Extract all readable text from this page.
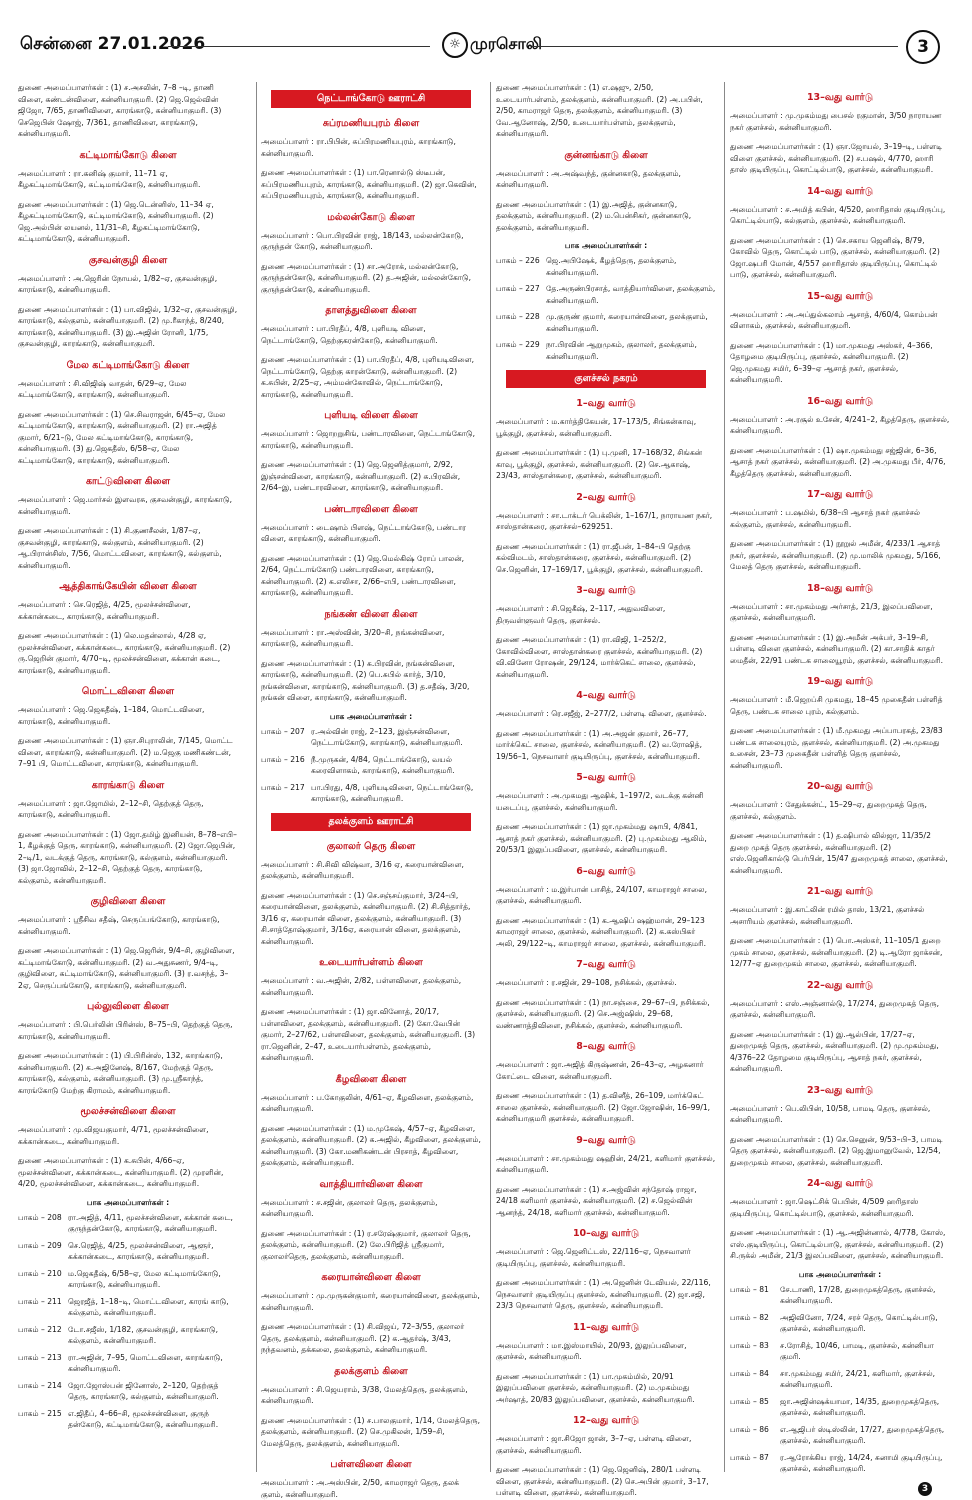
சென்னை 27.01.2026	☼ முரசொலி	3
துணை அமைப்பாளர்கள் : (1) ச.அசலின், 7–8 –டி, தாணி விளை, கண்டன்விளை, கன்னியாகுமரி. (2) ஜெ.ஜெல்வின் ஜிஜோ, 7/65, தாணிவிளை, காரங்காடு, கன்னியாகுமரி. (3) செஜெபின் ஷோஜ், 7/361, தாணிவிளை, காரங்காடு, கன்னியாகுமரி.
கட்டிமாங்கோடு கிளை
அமைப்பாளர் : ரா.கனிஷ் குமார், 11–71 ஏ, கீழகட்டிமாங்கோடு, கட்டிமாங்கோடு, கன்னியாகுமரி.
துணை அமைப்பாளர்கள் : (1) ஜெ.டென்னிஸ், 11–34 ஏ, கீழகட்டிமாங்கோடு, கட்டிமாங்கோடு, கன்னியாகுமரி. (2) ஜெ.அல்பின் லயனல், 11/31–சி, கீழகட்டிமாங்கோடு, கட்டிமாங்கோடு, கன்னியாகுமரி.
குசவன்குழி கிளை
அமைப்பாளர் : அ.ஜெரின் நோயல், 1/82–ஏ, குசவன்குழி, காரங்காடு, கன்னியாகுமரி.
துணை அமைப்பாளர்கள் : (1) பா.விஜில், 1/32–ஏ, குசவன்குழி, காரங்காடு, கல்குளம், கன்னியாகுமரி. (2) மு.ரீகாந்த், 8/240, காரங்காடு, கன்னியாகுமரி. (3) இ.அஜின் ரோனி, 1/75, குசவன்குழி, காரங்காடு, கன்னியாகுமரி.
மேல கட்டிமாங்கோடு கிளை
அமைப்பாளர் : சி.விஜிஷ் வாதன், 6/29–ஏ, மேல கட்டிமாங்கோடு, காரங்காடு, கன்னியாகுமரி.
துணை அமைப்பாளர்கள் : (1) செ.சிவராஜன், 6/45–ஏ, மேல கட்டிமாங்கோடு, காரங்காடு, கன்னியாகுமரி. (2) ரா.அஜித் குமார், 6/21–டு, மேல கட்டிமாங்கோடு, காரங்காடு, கன்னியாகுமரி. (3) து.ஜெகதீஸ், 6/58–ஏ, மேல கட்டிமாங்கோடு, காரங்காடு, கன்னியாகுமரி.
காட்டுவிளை கிளை
அமைப்பாளர் : ஜெ.மார்சல் இளவரசு, குசவன்குழி, காரங்காடு, கன்னியாகுமரி.
துணை அமைப்பாளர்கள் : (1) சி.குணசீலன், 1/87–ஏ, குசவன்குழி, காரங்காடு, கல்குளம், கன்னியாகுமரி. (2) ஆ.பிரான்சிஸ், 7/56, மொட்டவிளை, காரங்காடு, கல்குளம், கன்னியாகுமரி.
ஆத்திகாங்கேயின் விளை கிளை
அமைப்பாளர் : செ.ரெஜித், 4/25, மூலச்சன்விளை, கக்கான்கடை, காரங்காடு, கன்னியாகுமரி.
துணை அமைப்பாளர்கள் : (1) லெ.மதன்லால், 4/28 ஏ, மூலச்சன்விளை, கக்கான்கடை, காரங்காடு, கன்னியாகுமரி. (2) ரு.ஜெறின் குமார், 4/70–டி, மூலச்சன்விளை, கக்கான் கடை, காரங்காடு, கன்னியாகுமரி.
மொட்டவிளை கிளை
அமைப்பாளர் : ஜெ.ஜெகதீஷ், 1–184, மொட்டவிளை, காரங்காடு, கன்னியாகுமரி.
துணை அமைப்பாளர்கள் : (1) ஞா.சிபுராலின், 7/145, மொட்ட விளை, காரங்காடு, கன்னியாகுமரி. (2) ம.ஜெகு மணிகண்டன், 7–91 பி, மொட்டவிளை, காரங்காடு, கன்னியாகுமரி.
காரங்காடு கிளை
அமைப்பாளர் : ஜா.ஜோமில், 2–12–சி, தெற்குத் தெரு, காரங்காடு, கன்னியாகுமரி.
துணை அமைப்பாளர்கள் : (1) ஜோ.தமிழ் இனியன், 8–78–எபி–1, கீழக்குத் தெரு, காரங்காடு, கன்னியாகுமரி. (2) ஜோ.ஜெபின், 2–டி/1, வடக்குத் தெரு, காரங்காடு, கல்குளம், கன்னியாகுமரி. (3) ஜா.ஜோவில், 2–12–சி, தெற்குத் தெரு, காரங்காடு, கல்குளம், கன்னியாகுமரி.
குழிவிளை கிளை
அமைப்பாளர் : ஸ்ரீசிவ சதீஷ், செருப்பங்கோடு, காரங்காடு, கன்னியாகுமரி.
துணை அமைப்பாளர்கள் : (1) ஜெ.ஜெரின், 9/4–சி, குழிவிளை, கட்டிமாங்கோடு, கன்னியாகுமரி. (2) வ.அதுசுணர், 9/4–டி, குழிவிளை, கட்டிமாங்கோடு, கன்னியாகுமரி. (3) ர.வசந்த், 3–2ஏ, செருப்பங்கோடு, காரங்காடு, கன்னியாகுமரி.
புல்லுவிளை கிளை
அமைப்பாளர் : பி.பெர்லின் பிரின்ஸ், 8–75–பி, தெற்குத் தெரு, காரங்காடு, கன்னியாகுமரி.
துணை அமைப்பாளர்கள் : (1) பி.பிரின்ஸ், 132, காரங்காடு, கன்னியாகுமரி. (2) க.அஜினேஷ், 8/167, மேற்குத் தெரு, காரங்காடு, கல்குளம், கன்னியாகுமரி. (3) மு.ஸ்ரீகாந்த், காரங்கோடு மேற்கு கிராமம், கன்னியாகுமரி.
மூலச்சன்விளை கிளை
அமைப்பாளர் : மு.விஜயகுமார், 4/71, மூலச்சன்விளை, கக்கான்கடை, கன்னியாகுமரி.
துணை அமைப்பாளர்கள் : (1) க.சுபின், 4/66–ஏ, மூலச்சன்விளை, கக்கான்கடை, கன்னியாகுமரி. (2) முரளின், 4/20, மூலச்சன்விளை, கக்கான்கடை, கன்னியாகுமரி.
பாக அமைப்பாளர்கள் :
பாகம் – 208 ரா.அஜித், 4/11, மூலச்சன்விளை, கக்கான் கடை, குருந்தன்கோடு, காரங்காடு, கன்னியாகுமரி.
பாகம் – 209 செ.ரெஜித், 4/25, மூலச்சன்விளை, ஆளூர், கக்கான்கடை, காரங்காடு, கன்னியாகுமரி.
பாகம் – 210 ம.ஜெகதீஷ், 6/58–ஏ, மேல கட்டிமாங்கோடு, காரங்காடு, கன்னியாகுமரி.
பாகம் – 211 ஜெரஜீத், 1–18–டி, மொட்டவிளை, காரங் காடு, கல்குளம், கன்னியாகுமரி.
பாகம் – 212 டோ.சஜீஸ், 1/182, குசவன்குழி, காரங்காடு, கல்குளம், கன்னியாகுமரி.
பாகம் – 213 ரா.அஜின், 7–95, மொட்டவிளை, காரங்காடு, கன்னியாகுமரி.
பாகம் – 214 ஜோ.ஜோஸ்பன் ஜினோஸ், 2–120, தெற்குத் தெரு, காரங்காடு, கல்குளம், கன்னியாகுமரி.
பாகம் – 215 எ.ஜிதீப், 4–66–சி, மூலச்சன்விளை, குருந் தன்கோடு, கட்டிமாங்கோடு, கன்னியாகுமரி.
நெட்டாங்கோடு ஊராட்சி
சுப்ரமணியபுரம் கிளை
அமைப்பாளர் : ரா.பிபின், சுப்பிரமணியபுரம், காரங்காடு, கன்னியாகுமரி.
துணை அமைப்பாளர்கள் : (1) பா.ரெனால்டு ஸ்டீபன், சுப்பிரமணியபுரம், காரங்காடு, கன்னியாகுமரி. (2) ஜா.கெவின், சுப்பிரமணியபுரம், காரங்காடு, கன்னியாகுமரி.
மல்லன்கோடு கிளை
அமைப்பாளர் : பொ.பிரவின் ராஜ், 18/143, மல்லன்கோடு, குருந்தன் கோடு, கன்னியாகுமரி.
துணை அமைப்பாளர்கள் : (1) சா.அரோக், மல்லன்கோடு, குருந்தன்கோடு, கன்னியாகுமரி. (2) த.அஜின், மல்லன்கோடு, குருந்தன்கோடு, கன்னியாகுமரி.
தாளத்துவிளை கிளை
அமைப்பாளர் : பா.பிரதீப், 4/8, புளியடி விளை, நெட்டாங்கோடு, தெற்குகரன்கோடு, கன்னியாகுமரி.
துணை அமைப்பாளர்கள் : (1) பா.பிரதீப், 4/8, புளியடிவிளை, நெட்டாங்கோடு, தெற்கு காரன்கோடு, கன்னியாகுமரி. (2) க.சுபின், 2/25–ஏ, அம்மன்கோவில், நெட்டாங்கோடு, காரங்காடு, கன்னியாகுமரி.
புளியடி விளை கிளை
அமைப்பாளர் : ஜொறறுசிங், பண்டாரவிளை, நெட்டாங்கோடு, காரங்காடு, கன்னியாகுமரி.
துணை அமைப்பாளர்கள் : (1) ஜெ.ஜெனித்குமார், 2/92, இஞ்சன்விளை, காரங்காடு, கன்னியாகுமரி. (2) சு.பிரவின், 2/64–இ, பண்டாரவிளை, காரங்காடு, கன்னியாகுமரி.
பண்டாரவிளை கிளை
அமைப்பாளர் : டைஷாம் பிளஷ், நெட்டாங்கோடு, பண்டார விளை, காரங்காடு, கன்னியாகுமரி.
துணை அமைப்பாளர்கள் : (1) ஜெ.மெல்கிஷ் ரோப் பாலன், 2/64, நெட்டாங்கோடு பண்டாரவிளை, காரங்காடு, கன்னியாகுமரி. (2) க.எலிசா, 2/66–எபி, பண்டாரவிளை, காரங்காடு, கன்னியாகுமரி.
நங்கண் விளை கிளை
அமைப்பாளர் : ரா.அஸ்வின், 3/20–சி, நங்கன்விளை, காரங்காடு, கன்னியாகுமரி.
துணை அமைப்பாளர்கள் : (1) சு.பிரவின், நங்கன்விளை, காரங்காடு, கன்னியாகுமரி. (2) பெ.சுபில் கார்த், 3/10, நங்கன்விளை, காரங்காடு, கன்னியாகுமரி. (3) த.சதீஷ், 3/20, நங்கன் விளை, காரங்காடு, கன்னியாகுமரி.
பாக அமைப்பாளர்கள் :
பாகம் – 207 ர.அல்வின் ராஜ், 2–123, இஞ்சன்விளை, நெட்டாங்கோடு, காரங்காடு, கன்னியாகுமரி.
பாகம் – 216 நீ.முருகன், 4/84, நெட்டாங்கோடு, வயல் கரைவிளாகம், காரங்காடு, கன்னியாகுமரி.
பாகம் – 217 பா.பிரது, 4/8, புளியடிவிளை, நெட்டாங்கோடு, காரங்காடு, கன்னியாகுமரி.
தலக்குளம் ஊராட்சி
குலாலர் தெரு கிளை
அமைப்பாளர் : சி.சிவி விஷ்வா, 3/16 ஏ, கரையான்விளை, தலக்குளம், கன்னியாகுமரி.
துணை அமைப்பாளர்கள் : (1) செ.சஞ்சய்குமார், 3/24–பி, கரையான்விளை, தலக்குளம், கன்னியாகுமரி. (2) சி.சித்தார்த், 3/16 ஏ, கரையான் விளை, தலக்குளம், கன்னியாகுமரி. (3) சி.சாத்தோஷ்குமார், 3/16ஏ, கரையான் விளை, தலக்குளம், கன்னியாகுமரி.
உடையார்பள்ளம் கிளை
அமைப்பாளர் : வ.அஜின், 2/82, பள்ளவிளை, தலக்குளம், கன்னியாகுமரி.
துணை அமைப்பாளர்கள் : (1) ஜா.வினோத், 20/17, பள்ளவிளை, தலக்குளம், கன்னியாகுமரி. (2) கோ.வேபின் குமார், 2–27/62, பள்ளவிளை, தலக்குளம், கன்னியாகுமரி. (3) ரா.ஜெனின், 2–47, உடையார்பள்ளம், தலக்குளம், கன்னியாகுமரி.
கீழவிளை கிளை
அமைப்பாளர் : ப.கோகுலின், 4/61–ஏ, கீழவிளை, தலக்குளம், கன்னியாகுமரி.
துணை அமைப்பாளர்கள் : (1) ம.முகேஷ், 4/57–ஏ, கீழவிளை, தலக்குளம், கன்னியாகுமரி. (2) க.அஜில், கீழவிளை, தலக்குளம், கன்னியாகுமரி. (3) கோ.மணிகண்டன் பிரசாத், கீழவிளை, தலக்குளம், கன்னியாகுமரி.
வாத்தியார்விளை கிளை
அமைப்பாளர் : ச.சஜின், குலாலர் தெரு, தலக்குளம், கன்னியாகுமரி.
துணை அமைப்பாளர்கள் : (1) ர.சரேஷ்குமார், குலாலர் தெரு, தலக்குளம், கன்னியாகுமரி. (2) லே.பிரிஜித் ஸ்ரீகுமார், குலாலர்தெரு, தலக்குளம், கன்னியாகுமரி.
கரையான்விளை கிளை
அமைப்பாளர் : மு.முருகன்குமார், கரையான்விளை, தலக்குளம், கன்னியாகுமரி.
துணை அமைப்பாளர்கள் : (1) சி.விஜய், 72–3/55, குலாலர் தெரு, தலக்குளம், கன்னியாகுமரி. (2) க.ஆதர்ஷ், 3/43, நந்தவனம், தக்கலை, தலக்குளம், கன்னியாகுமரி.
தலக்குளம் கிளை
அமைப்பாளர் : சி.ஜெயராம், 3/38, மேலத்தெரு, தலக்குளம், கன்னியாகுமரி.
துணை அமைப்பாளர்கள் : (1) ச.பாலகுமார், 1/14, மேலத்தெரு, தலக்குளம், கன்னியாகுமரி. (2) செ.முகிலன், 1/59–சி, மேலத்தெரு, தலக்குளம், கன்னியாகுமரி.
பள்ளவிளை கிளை
அமைப்பாளர் : அ.அஸ்பின், 2/50, காமராஜர் தெரு, தலக் குளம், கன்னியாகுமரி.
துணை அமைப்பாளர்கள் : (1) எ.ஷஜு, 2/50, உடையார்பள்ளம், தலக்குளம், கன்னியாகுமரி. (2) அ.பபின், 2/50, காமராஜர் தெரு, தலக்குளம், கன்னியாகுமரி. (3) வே.ஆனோஷ், 2/50, உடையார்பள்ளம், தலக்குளம், கன்னியாகுமரி.
குன்னங்காடு கிளை
அமைப்பாளர் : அ.அஷ்வந்த், குன்னகாடு, தலக்குளம், கன்னியாகுமரி.
துணை அமைப்பாளர்கள் : (1) இ.அஜித், குன்னகாடு, தலக்குளம், கன்னியாகுமரி. (2) ம.பென்சிகர், குன்னகாடு, தலக்குளம், கன்னியாகுமரி.
பாக அமைப்பாளர்கள் :
பாகம் – 226 ஜெ.அபிஷேக், கீழத்தெரு, தலக்குளம், கன்னியாகுமரி.
பாகம் – 227 தே.அருண்பிரசாத், வாத்தியார்விளை, தலக்குளம், கன்னியாகுமரி.
பாகம் – 228 மு.குருண் குமார், கரையான்விளை, தலக்குளம், கன்னியாகுமரி.
பாகம் – 229 நா.பிரவின் ஆறுமுகம், குலாலர், தலக்குளம், கன்னியாகுமரி.
குளச்சல் நகரம்
1–வது வார்டு
அமைப்பாளர் : ம.கார்த்திகேயன், 17–173/5, சிங்கன்காவு, பூக்குழி, குளச்சல், கன்னியாகுமரி.
துணை அமைப்பாளர்கள் : (1) பு.முனி, 17–168/32, சிங்கன் காவு, பூக்குழி, குளச்சல், கன்னியாகுமரி. (2) செ.ஆகாஷ், 23/43, சாஸ்தான்கரை, குளச்சல், கன்னியாகுமரி.
2–வது வார்டு
அமைப்பாளர் : சா.டாக்டர் பெக்லின், 1–167/1, நாராயண நகர், சாஸ்தான்கரை, குளச்சல்–629251.
துணை அமைப்பாளர்கள் : (1) ரா.ஜீபன், 1–84–பி தெற்கு கல்விமடம், சாஸ்தான்கரை, குளச்சல், கன்னியாகுமரி. (2) செ.ஜெனின், 17–169/17, பூக்குழி, குளச்சல், கன்னியாகுமரி.
3–வது வார்டு
அமைப்பாளர் : சி.ஜெகீஷ், 2–117, அதுவவிளை, திருவள்ளுவர் தெரு, குளச்சல்.
துணை அமைப்பாளர்கள் : (1) ரா.விஜி, 1–252/2, கோவில்விளை, சாஸ்தான்கரை குளச்சல், கன்னியாகுமரி. (2) வி.வினோ ரோஷன், 29/124, மார்க்கெட் சாலை, குளச்சல், கன்னியாகுமரி.
4–வது வார்டு
அமைப்பாளர் : ரெ.சஜீஜ், 2–277/2, பள்ளடி விளை, குளச்சல்.
துணை அமைப்பாளர்கள் : (1) அ.அஜன் குமார், 26–77, மார்க்கெட் சாலை, குளச்சல், கன்னியாகுமரி. (2) வ.ரோஷித், 19/56–1, நெசவாளர் குடியிருப்பு, குளச்சல், கன்னியாகுமரி.
5–வது வார்டு
அமைப்பாளர் : அ.முகமது ஆஷிக், 1–197/2, வடக்கு கன்னி யடைப்பு, குளச்சல், கன்னியாகுமரி.
துணை அமைப்பாளர்கள் : (1) ஜா.முகம்மது ஷாபி, 4/841, ஆசாத் நகர் குளச்சல், கன்னியாகுமரி. (2) பு.முகம்மது ஆலிம், 20/53/1 இலுப்பவிளை, குளச்சல், கன்னியாகுமரி.
6–வது வார்டு
அமைப்பாளர் : ம.இர்பான் பாசித், 24/107, காமராஜர் சாலை, குளச்சல், கன்னியாகுமரி.
துணை அமைப்பாளர்கள் : (1) க.ஆஷிப் ஷஹ்மான், 29–123 காமராஜர் சாலை, குளச்சல், கன்னியாகுமரி. (2) க.கஸ்பிகர் அலி, 29/122–டி, காமராஜர் சாலை, குளச்சல், கன்னியாகுமரி.
7–வது வார்டு
அமைப்பாளர் : ர.சஜின், 29–108, நசிக்கல், குளச்சல்.
துணை அமைப்பாளர்கள் : (1) நா.சஞ்சை, 29–67–பி, நசிக்கல், குளச்சல், கன்னியாகுமரி. (2) செ.அஜ்ஷிஸ், 29–68, வண்ணாத்திவிளை, நசிக்கல், குளச்சல், கன்னியாகுமரி.
8–வது வார்டு
அமைப்பாளர் : ஜா.அஜித் கிருஷ்ணன், 26–43–ஏ, அழகனார் கோட்டை விளை, கன்னியாகுமரி.
துணை அமைப்பாளர்கள் : (1) த.வினீத், 26–109, மார்க்கெட் சாலை குளச்சல், கன்னியாகுமரி. (2) ஜோ.ஜோஷின், 16–99/1, கன்னியாகுமரி குளச்சல், கன்னியாகுமரி.
9–வது வார்டு
அமைப்பாளர் : சா.முகம்மது ஷஹின், 24/21, களிமார் குளச்சல், கன்னியாகுமரி.
துணை அமைப்பாளர்கள் : (1) ச.அஜ்வின் சந்தோஷ் ராஜா, 24/18 களிமார் குளச்சல், கன்னியாகுமரி. (2) ச.ஜெல்வின் ஆனந்த், 24/18, களிமார் குளச்சல், கன்னியாகுமரி.
10–வது வார்டு
அமைப்பாளர் : ஜெ.ஜெனிட்டஸ், 22/116–ஏ, நெசவாளர் குடியிருப்பு, குளச்சல், கன்னியாகுமரி.
துணை அமைப்பாளர்கள் : (1) அ.ஜெனின் டேவியல், 22/116, நெசவாளர் குடியிருப்பு குளச்சல், கன்னியாகுமரி. (2) ஜா.சஜி, 23/3 நெசவாளர் தெரு, குளச்சல், கன்னியாகுமரி.
11–வது வார்டு
அமைப்பாளர் : மா.இஸ்மாயில், 20/93, இலுப்பவிளை, குளச்சல், கன்னியாகுமரி.
துணை அமைப்பாளர்கள் : (1) பா.முகம்மில், 20/91 இலுப்பவிளை குளச்சல், கன்னியாகுமரி. (2) ம.முகம்மது அர்ஷாத், 20/83 இலுப்பவிளை, குளச்சல், கன்னியாகுமரி.
12–வது வார்டு
அமைப்பாளர் : ஜா.சிஜோ ஜான், 3–7–ஏ, பள்ளடி விளை, குளச்சல், கன்னியாகுமரி.
துணை அமைப்பாளர்கள் : (1) ஜெ.ஜெனிஷ், 280/1 பள்ளடி விளை, குளச்சல், கன்னியாகுமரி. (2) செ.அபின் குமார், 3–17, பள்ளடி விளை, குளச்சல், கன்னியாகுமரி.
13–வது வார்டு
அமைப்பாளர் : மு.முகம்மது பைசல் ரகுமான், 3/50 நாராயண நகர் குளச்சல், கன்னியாகுமரி.
துணை அமைப்பாளர்கள் : (1) ஞா.ஜோயல், 3–19–டி, பள்ளடி விளை குளச்சல், கன்னியாகுமரி. (2) ச.பஷல், 4/770, ஹாரி தாஸ் குடியிருப்பு, கொட்டில்பாடு, குளச்சல், கன்னியாகுமரி.
14–வது வார்டு
அமைப்பாளர் : ச.அமித் கபின், 4/520, ஹாரிதாஸ் குடியிருப்பு, கொட்டில்பாடு, கல்குளம், குளச்சல், கன்னியாகுமரி.
துணை அமைப்பாளர்கள் : (1) செ.சகாய ஜெனிஷ், 8/79, கோவில் தெரு, கொட்டில் பாடு, குளச்சல், கன்னியாகுமரி. (2) ஜோ.ஷபரி மோன், 4/557 ஹாரிதாஸ் குடியிருப்பு, கொட்டில் பாடு, குளச்சல், கன்னியாகுமரி.
15–வது வார்டு
அமைப்பாளர் : அ.அப்துல்கலாம் ஆசாத், 4/60/4, கொம்பன் விளாகம், குளச்சல், கன்னியாகுமரி.
துணை அமைப்பாளர்கள் : (1) மா.முகமது அஸ்கர், 4–366, தோழமை குடியிருப்பு, குளச்சல், கன்னியாகுமரி. (2) ஜெ.முகமது சமிர், 6–39–ஏ ஆசாத் நகர், குளச்சல், கன்னியாகுமரி.
16–வது வார்டு
அமைப்பாளர் : அ.ரசூல் உசேன், 4/241–2, கீழத்தெரு, குளச்சல், கன்னியாகுமரி.
துணை அமைப்பாளர்கள் : (1) ஷா.முகம்மது சஜ்ஜின், 6–36, ஆசாத் நகர் குளச்சல், கன்னியாகுமரி. (2) அ.முகமது பீர், 4/76, கீழத்தெரு குளச்சல், கன்னியாகுமரி.
17–வது வார்டு
அமைப்பாளர் : ப.ஷமில், 6/38–பி ஆசாத் நகர் குளச்சல் கல்குளம், குளச்சல், கன்னியாகுமரி.
துணை அமைப்பாளர்கள் : (1) நூறுல் அமீன், 4/233/1 ஆசாத் நகர், குளச்சல், கன்னியாகுமரி. (2) மு.மாலிக் முகமது, 5/166, மேலத் தெரு குளச்சல், கன்னியாகுமரி.
18–வது வார்டு
அமைப்பாளர் : சா.முகம்மது அர்சாத், 21/3, இலப்பவிளை, குளச்சல், கன்னியாகுமரி.
துணை அமைப்பாளர்கள் : (1) இ.அமீன் அக்பர், 3–19–சி, பள்ளடி விளை குளச்சல், கன்னியாகுமரி. (2) கா.சாதிக் காதர் மைதீன், 22/91 பண்டக சாலையூரம், குளச்சல், கன்னியாகுமரி.
19–வது வார்டு
அமைப்பாளர் : மீ.ஜெறப்சி முகமது, 18–45 முகைதீன் பள்ளித் தெரு, பண்டக சாலை புரம், கல்குளம்.
துணை அமைப்பாளர்கள் : (1) மீ.முகமது அப்பாபரகத், 23/83 பண்டக சாலையுரம், குளச்சல், கன்னியாகுமரி. (2) அ.முகமது உசைன், 23–73 முகைதீன் பள்ளித் தெரு குளச்சல், கன்னியாகுமரி.
20–வது வார்டு
அமைப்பாளர் : சேதுக்கன்ட், 15–29–ஏ, துறைமுகத் தெரு, குளச்சல், கல்குளம்.
துணை அமைப்பாளர்கள் : (1) த.ஷிபால் வில்ஜா, 11/35/2 துறை முகத் தெரு குளச்சல், கன்னியாகுமரி. (2) எஸ்.ஜெனிகால்டு பெர்பின், 15/47 துறைமுகத் சாலை, குளச்சல், கன்னியாகுமரி.
21–வது வார்டு
அமைப்பாளர் : இ.காட்லின் ரமில் தாஸ், 13/21, குளச்சல் அசாரியம் குளச்சல், கன்னியாகுமரி.
துணை அமைப்பாளர்கள் : (1) பொ.அஸ்கர், 11–105/1 துறை முகம் சாலை, குளச்சல், கன்னியாகுமரி. (2) டி.ஆரோ ஜாக்சன், 12/77–ஏ துறைமுகம் சாலை, குளச்சல், கன்னியாகுமரி.
22–வது வார்டு
அமைப்பாளர் : எஸ்.அஞ்னால்டு, 17/274, துறைமுகத் தெரு, குளச்சல், கன்னியாகுமரி.
துணை அமைப்பாளர்கள் : (1) இ.ஆல்பின், 17/27–ஏ, துறைமுகத் தெரு, குளச்சல், கன்னியாகுமரி. (2) மு.முகம்மது, 4/376–22 தோழமை குடியிருப்பு, ஆசாத் நகர், குளச்சல், கன்னியாகுமரி.
23–வது வார்டு
அமைப்பாளர் : பெ.லிபின், 10/58, பாமடி தெரு, குளச்சல், கன்னியாகுமரி.
துணை அமைப்பாளர்கள் : (1) செ.செனுன், 9/53–பி–3, பாமடி தெரு குளச்சல், கன்னியாகுமரி. (2) ஜெ.இமானுவேல், 12/54, துறைமுகம் சாலை, குளச்சல், கன்னியாகுமரி.
24–வது வார்டு
அமைப்பாளர் : ஜா.ஷெட்சிக் பெபின், 4/509 ஹரிதாஸ் குடியிருப்பு, கொட்டில்பாடு, குளச்சல், கன்னியாகுமரி.
துணை அமைப்பாளர்கள் : (1) ஆ.அஜின்னால், 4/778, கோஸ், எஸ்.குடியிருப்பு, கொட்டில்பாடு, குளச்சல், கன்னியாகுமரி. (2) சி.ருக்ல் அமீன், 21/3 இலப்பவிளை, குளச்சல், கன்னியாகுமரி.
பாக அமைப்பாளர்கள் :
பாகம் – 81	சே.டாணி, 17/28, துறைமுகத்தெரு, குளச்சல், கன்னியாகுமரி.
பாகம் – 82	அஜிவினோ, 7/24, சரச் தெரு, கொட்டில்பாடு, குளச்சல், கன்னியாகுமரி.
பாகம் – 83	ச.ரோசித், 10/46, பாமடி, குளச்சல், கன்னியா குமரி.
பாகம் – 84	சா.முகம்மது சமிர், 24/21, களிமார், குளச்சல், கன்னியாகுமரி.
பாகம் – 85	ஜா.அஜின்ஷக்யாமா, 14/35, துறைமுகத்தெரு, குளச்சல், கன்னியாகுமரி.
பாகம் – 86	எ.ஆஜிபர் ஸ்டிஸ்லின், 17/27, துறைமுகத்தெரு, குளச்சல், கன்னியாகுமரி.
பாகம் – 87	ர.ஆரோக்கிய ராஜ், 14/24, சுனாமி குடியிருப்பு, குளச்சல், கன்னியாகுமரி.
3
